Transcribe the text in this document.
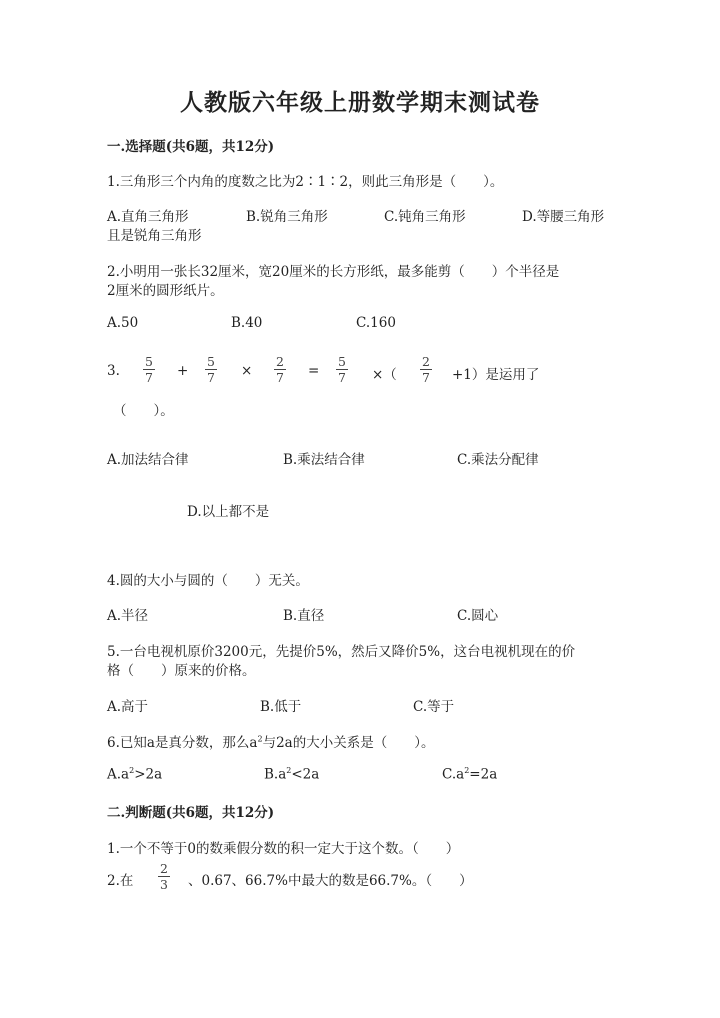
人教版六年级上册数学期末测试卷
一.选择题(共6题，共12分)
1.三角形三个内角的度数之比为2∶1∶2，则此三角形是（　　）。
A.直角三角形	B.锐角三角形	C.钝角三角形	D.等腰三角形
且是锐角三角形
2.小明用一张长32厘米，宽20厘米的长方形纸，最多能剪（　　）个半径是
2厘米的圆形纸片。
A.50	B.40	C.160
3.
5
7 +
5
7 ×
2
7 =
5
7 ×（
2
7 +1）是运用了
（　　）。
A.加法结合律	B.乘法结合律	C.乘法分配律
D.以上都不是
4.圆的大小与圆的（　　）无关。
A.半径	B.直径	C.圆心
5.一台电视机原价3200元，先提价5%，然后又降价5%，这台电视机现在的价
格（　　）原来的价格。
A.高于	B.低于	C.等于
6.已知a是真分数，那么$a^2$与2a的大小关系是（　　）。
$A.a^2>2a$	$B.a^2<2a$	$C.a^2=2a$
二.判断题(共6题，共12分)
1.一个不等于0的数乘假分数的积一定大于这个数。（　　）
2.在
2
3 、0.67、66.7%中最大的数是66.7%。（　　）
